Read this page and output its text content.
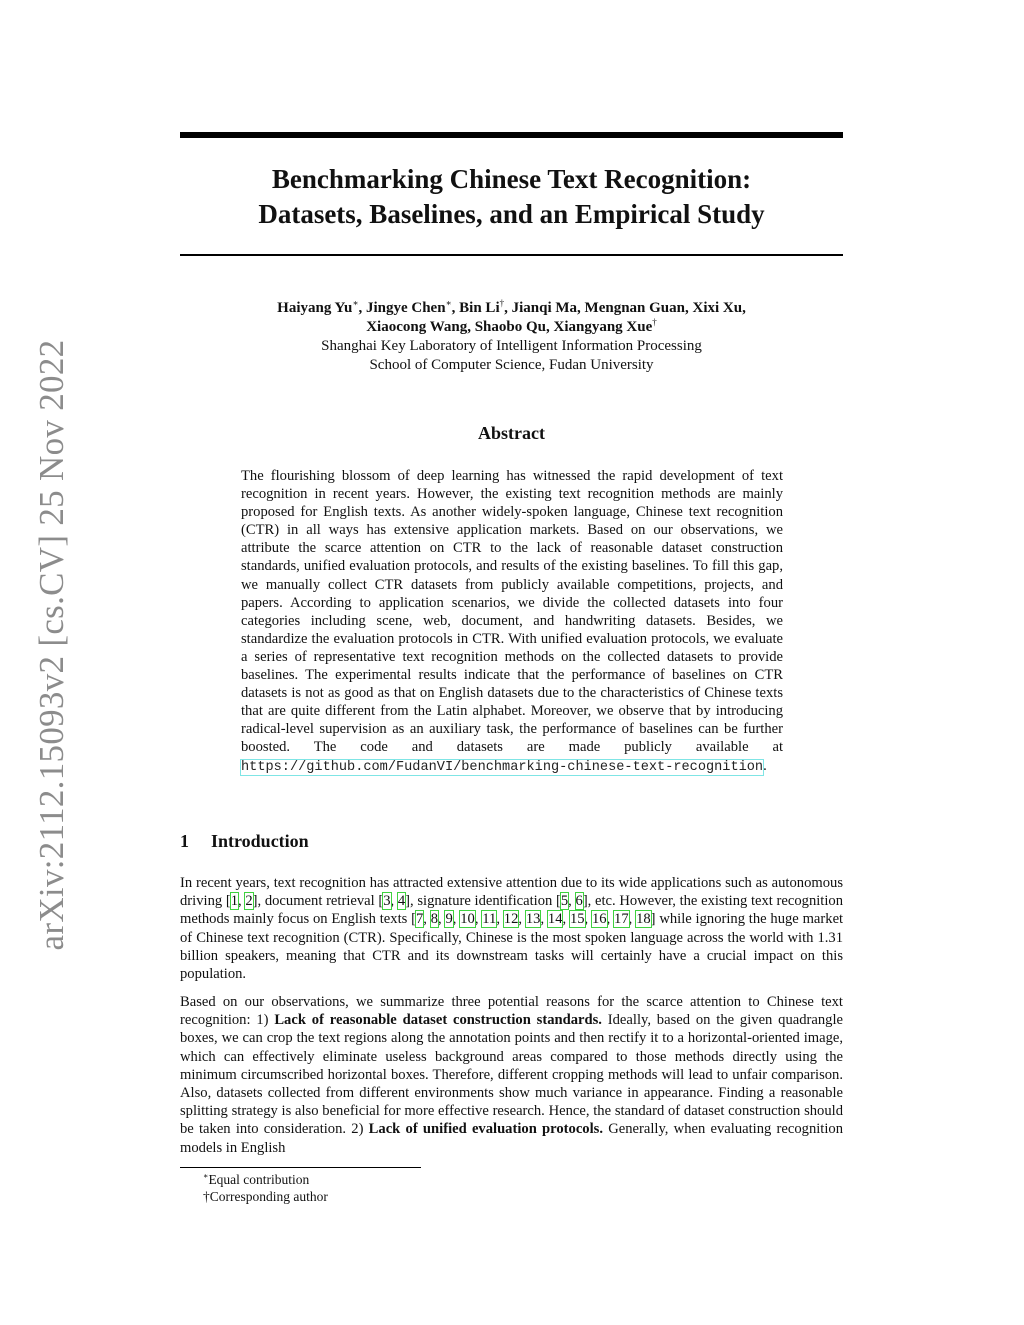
arXiv:2112.15093v2 [cs.CV] 25 Nov 2022
Benchmarking Chinese Text Recognition:
Datasets, Baselines, and an Empirical Study
Haiyang Yu∗, Jingye Chen∗, Bin Li†, Jianqi Ma, Mengnan Guan, Xixi Xu,
Xiaocong Wang, Shaobo Qu, Xiangyang Xue†
Shanghai Key Laboratory of Intelligent Information Processing
School of Computer Science, Fudan University
Abstract

The flourishing blossom of deep learning has witnessed the rapid development of text recognition in recent years. However, the existing text recognition methods are mainly proposed for English texts. As another widely-spoken language, Chinese text recognition (CTR) in all ways has extensive application markets. Based on our observations, we attribute the scarce attention on CTR to the lack of reasonable dataset construction standards, unified evaluation protocols, and results of the existing baselines. To fill this gap, we manually collect CTR datasets from publicly available competitions, projects, and papers. According to application scenarios, we divide the collected datasets into four categories including scene, web, document, and handwriting datasets. Besides, we standardize the evaluation protocols in CTR. With unified evaluation protocols, we evaluate a series of representative text recognition methods on the collected datasets to provide baselines. The experimental results indicate that the performance of baselines on CTR datasets is not as good as that on English datasets due to the characteristics of Chinese texts that are quite different from the Latin alphabet. Moreover, we observe that by introducing radical-level supervision as an auxiliary task, the performance of baselines can be further boosted. The code and datasets are made publicly available at https://github.com/FudanVI/benchmarking-chinese-text-recognition.

1 Introduction

In recent years, text recognition has attracted extensive attention due to its wide applications such as autonomous driving [1, 2], document retrieval [3, 4], signature identification [5, 6], etc. However, the existing text recognition methods mainly focus on English texts [7, 8, 9, 10, 11, 12, 13, 14, 15, 16, 17, 18] while ignoring the huge market of Chinese text recognition (CTR). Specifically, Chinese is the most spoken language across the world with 1.31 billion speakers, meaning that CTR and its downstream tasks will certainly have a crucial impact on this population.

Based on our observations, we summarize three potential reasons for the scarce attention to Chinese text recognition: 1) Lack of reasonable dataset construction standards. Ideally, based on the given quadrangle boxes, we can crop the text regions along the annotation points and then rectify it to a horizontal-oriented image, which can effectively eliminate useless background areas compared to those methods directly using the minimum circumscribed horizontal boxes. Therefore, different cropping methods will lead to unfair comparison. Also, datasets collected from different environments show much variance in appearance. Finding a reasonable splitting strategy is also beneficial for more effective research. Hence, the standard of dataset construction should be taken into consideration. 2) Lack of unified evaluation protocols. Generally, when evaluating recognition models in English

∗Equal contribution
†Corresponding author
